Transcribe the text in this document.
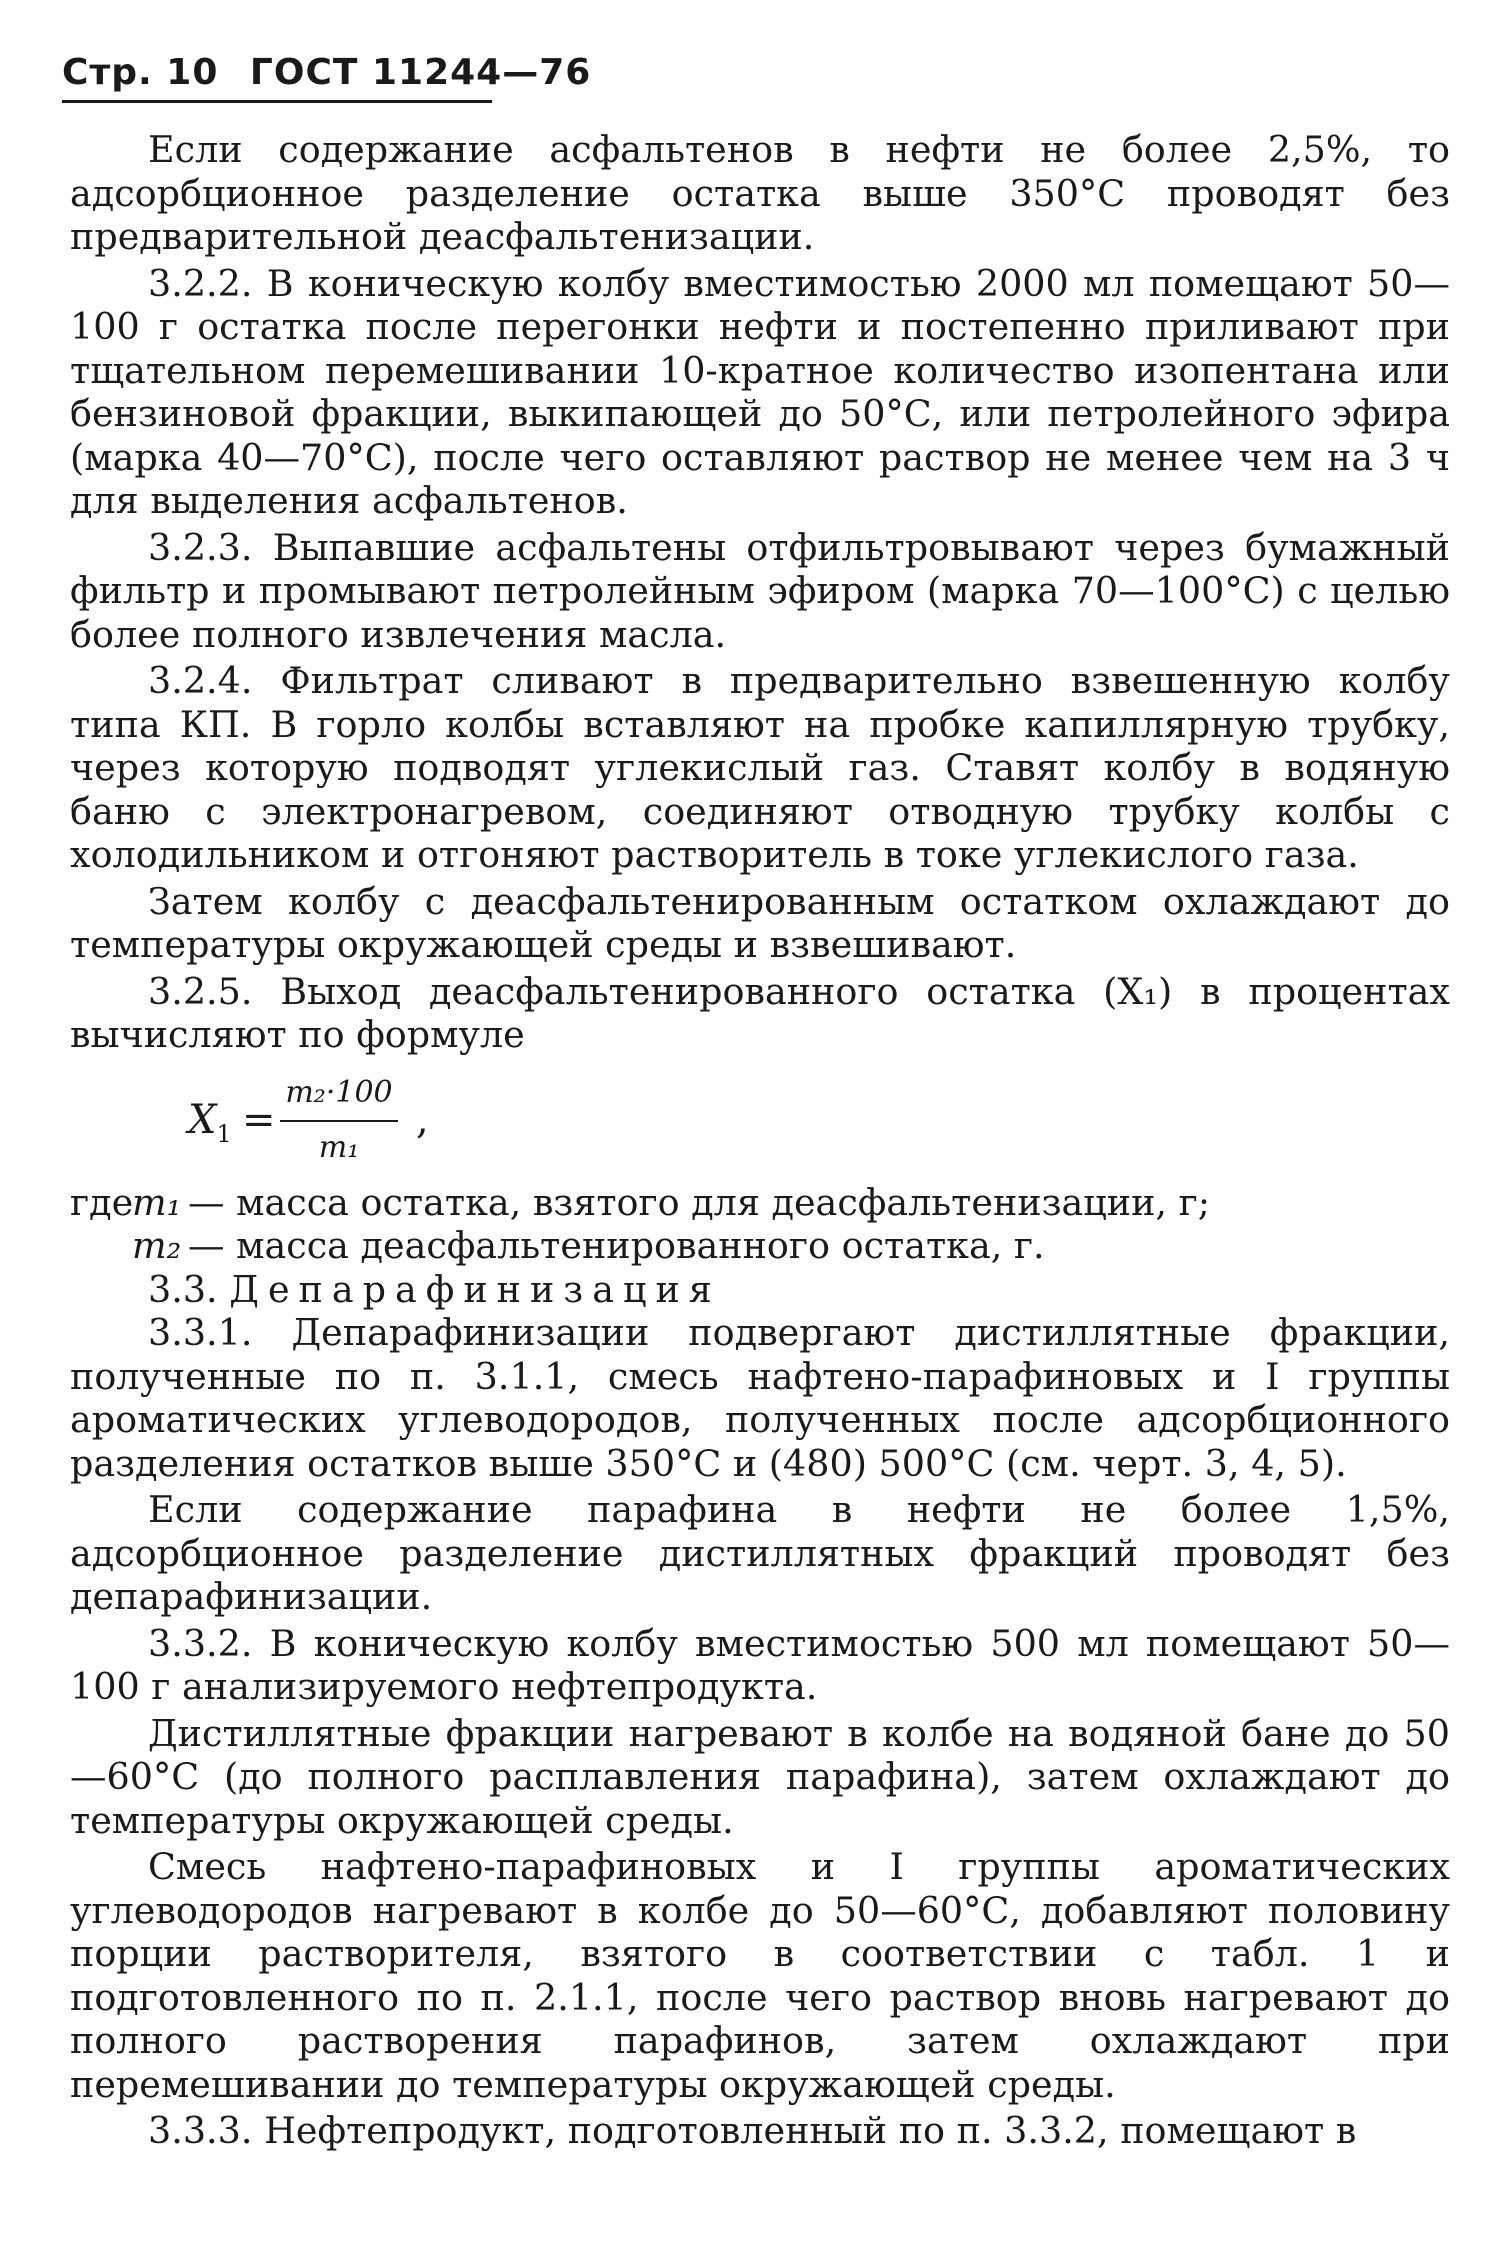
Стр. 10 ГОСТ 11244—76

Если содержание асфальтенов в нефти не более 2,5%, то адсорбционное разделение остатка выше 350°С проводят без предварительной деасфальтенизации.

3.2.2. В коническую колбу вместимостью 2000 мл помещают 50—100 г остатка после перегонки нефти и постепенно приливают при тщательном перемешивании 10-кратное количество изопентана или бензиновой фракции, выкипающей до 50°С, или петролейного эфира (марка 40—70°С), после чего оставляют раствор не менее чем на 3 ч для выделения асфальтенов.

3.2.3. Выпавшие асфальтены отфильтровывают через бумажный фильтр и промывают петролейным эфиром (марка 70—100°С) с целью более полного извлечения масла.

3.2.4. Фильтрат сливают в предварительно взвешенную колбу типа КП. В горло колбы вставляют на пробке капиллярную трубку, через которую подводят углекислый газ. Ставят колбу в водяную баню с электронагревом, соединяют отводную трубку колбы с холодильником и отгоняют растворитель в токе углекислого газа.

Затем колбу с деасфальтенированным остатком охлаждают до температуры окружающей среды и взвешивают.

3.2.5. Выход деасфальтенированного остатка (X₁) в процентах вычисляют по формуле

$X_1 = \frac{\text{m₂·100}}{\text{m₁}}$ ,
где
m₁ — масса остатка, взятого для деасфальтенизации, г;
m₂ — масса деасфальтенированного остатка, г.

3.3. Депарафинизация

3.3.1. Депарафинизации подвергают дистиллятные фракции, полученные по п. 3.1.1, смесь нафтено-парафиновых и I группы ароматических углеводородов, полученных после адсорбционного разделения остатков выше 350°С и (480) 500°С (см. черт. 3, 4, 5).

Если содержание парафина в нефти не более 1,5%, адсорбционное разделение дистиллятных фракций проводят без депарафинизации.

3.3.2. В коническую колбу вместимостью 500 мл помещают 50—100 г анализируемого нефтепродукта.

Дистиллятные фракции нагревают в колбе на водяной бане до 50—60°С (до полного расплавления парафина), затем охлаждают до температуры окружающей среды.

Смесь нафтено-парафиновых и I группы ароматических углеводородов нагревают в колбе до 50—60°С, добавляют половину порции растворителя, взятого в соответствии с табл. 1 и подготовленного по п. 2.1.1, после чего раствор вновь нагревают до полного растворения парафинов, затем охлаждают при перемешивании до температуры окружающей среды.

3.3.3. Нефтепродукт, подготовленный по п. 3.3.2, помещают в
